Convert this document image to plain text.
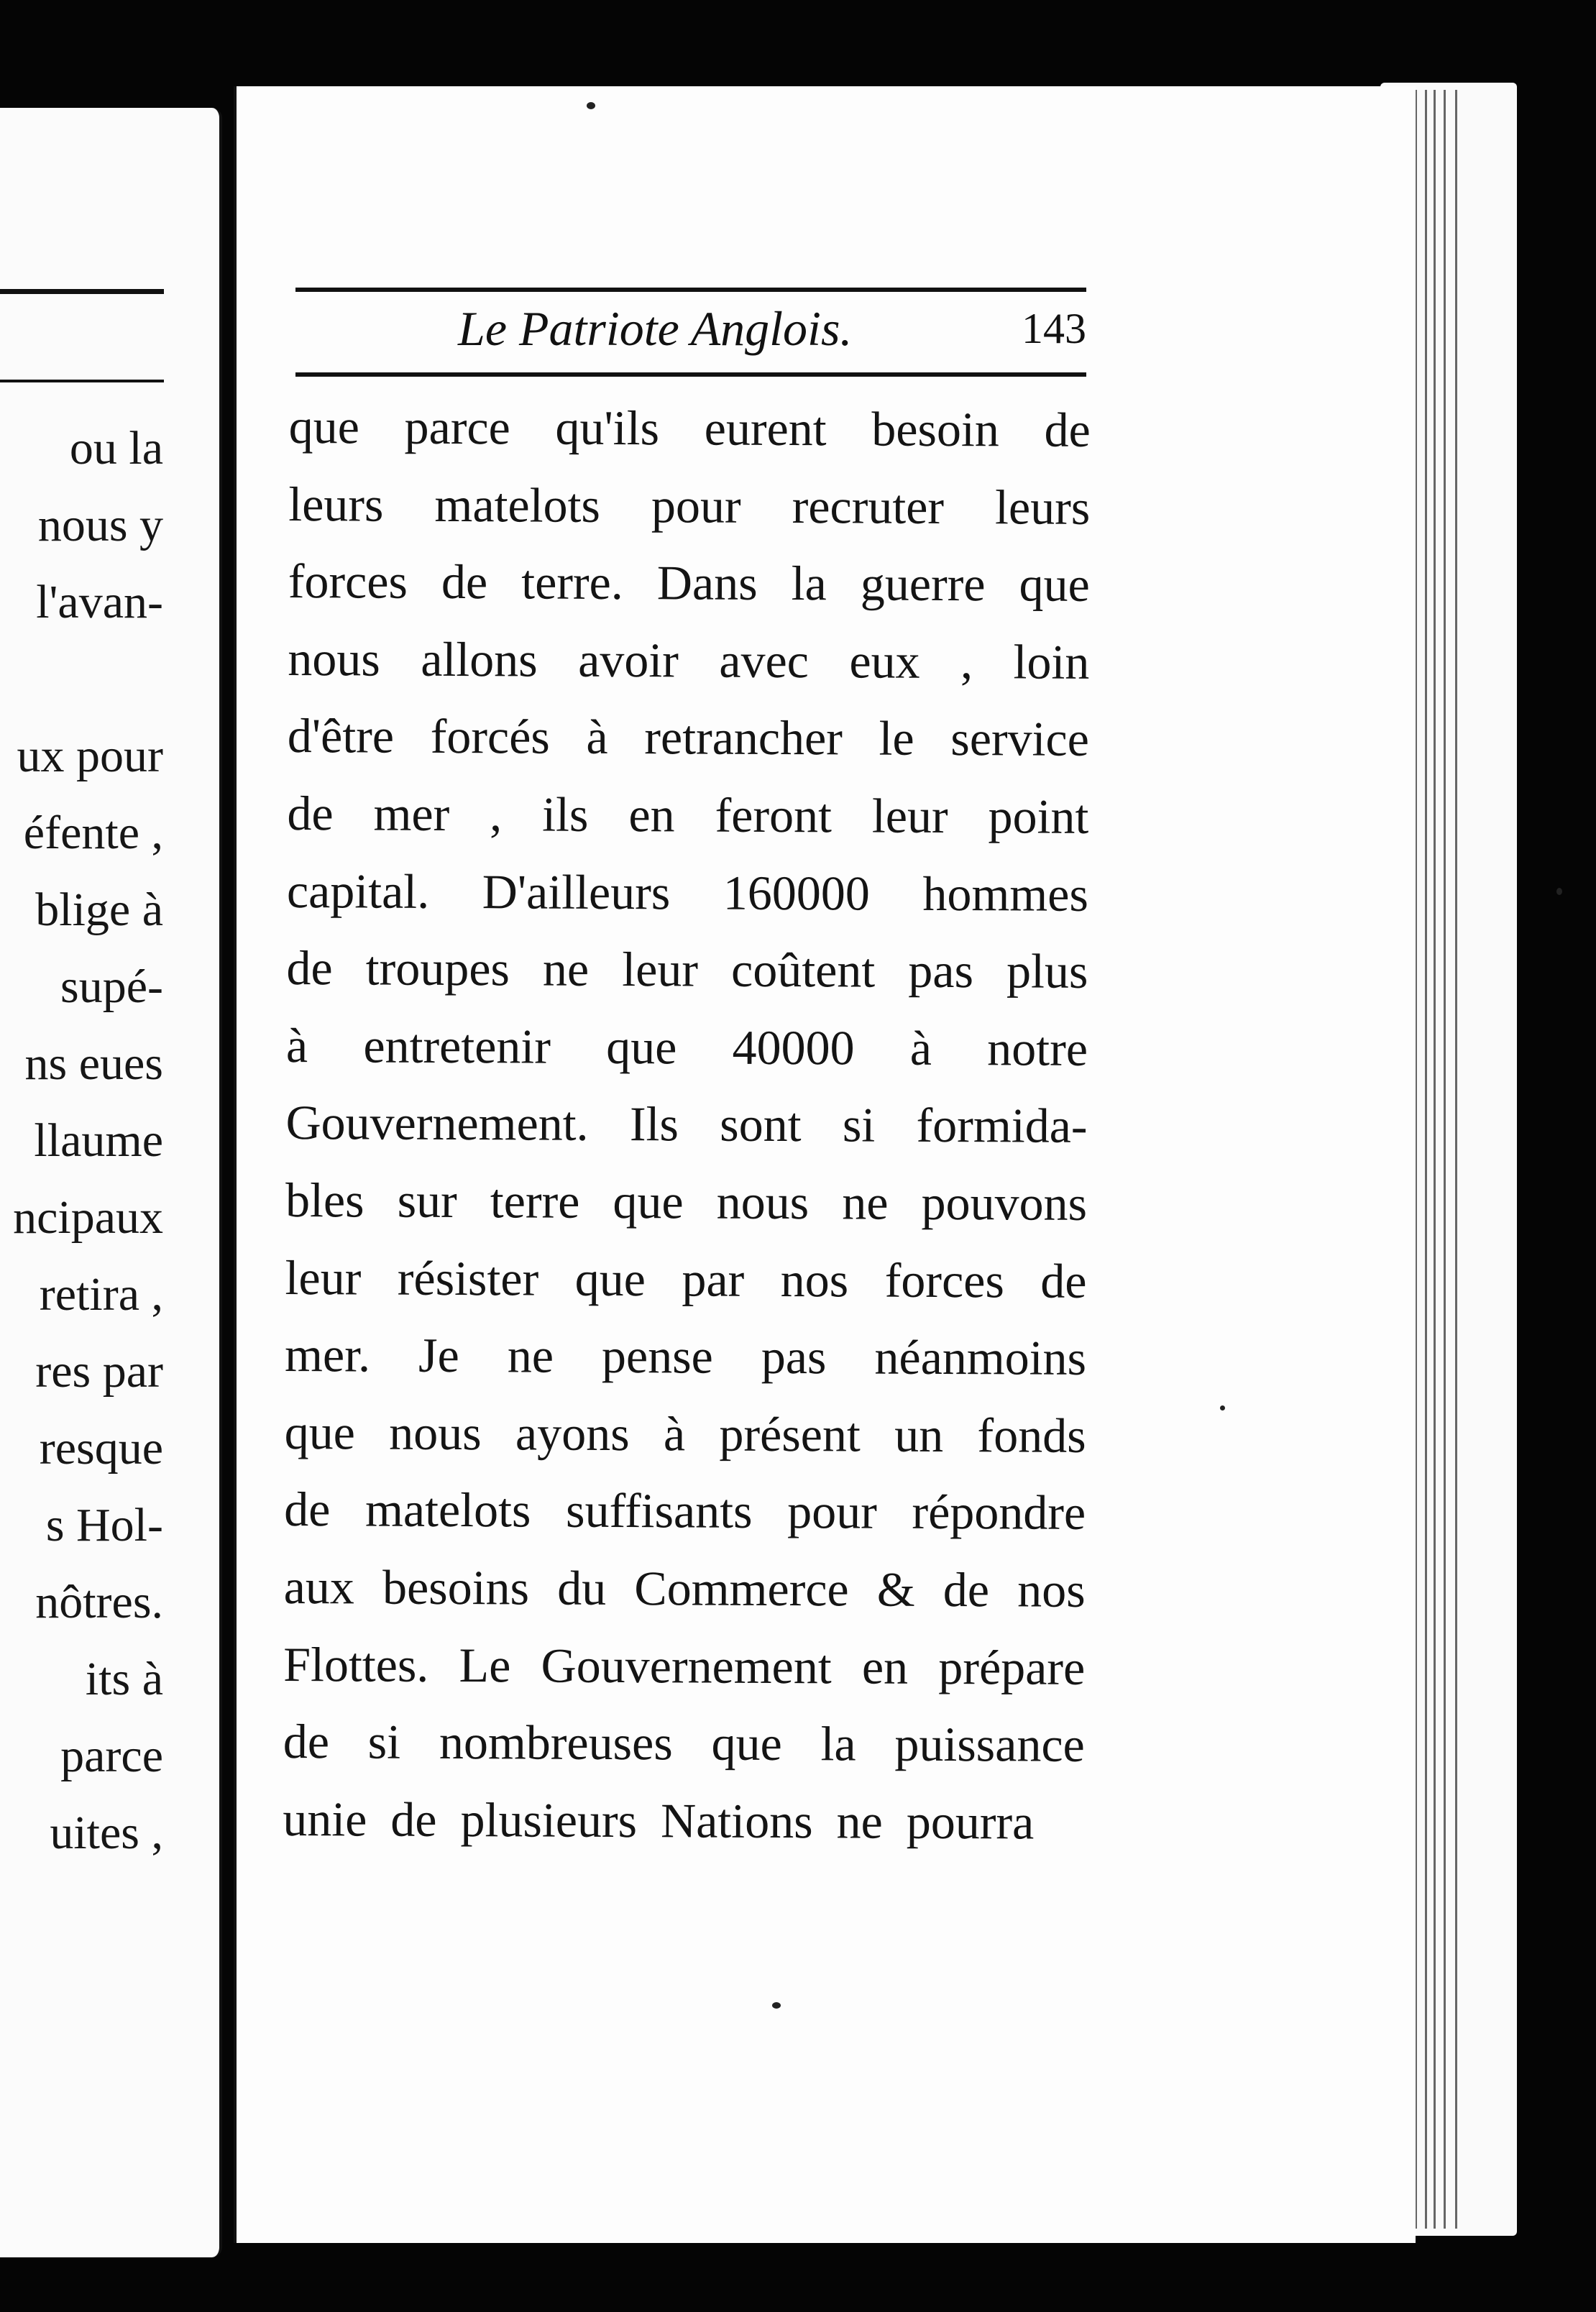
ou la
nous y
l'avan-
ux pour
éfente ,
blige à
supé-
ns eues
llaume
ncipaux
retira ,
res par
resque
s Hol-
nôtres.
its à
parce
uites ,
Le Patriote Anglois.	143
que parce qu'ils eurent besoin de
leurs matelots pour recruter leurs
forces de terre. Dans la guerre que
nous allons avoir avec eux , loin
d'être forcés à retrancher le service
de mer , ils en feront leur point
capital. D'ailleurs 160000 hommes
de troupes ne leur coûtent pas plus
à entretenir que 40000 à notre
Gouvernement. Ils sont si formida-
bles sur terre que nous ne pouvons
leur résister que par nos forces de
mer. Je ne pense pas néanmoins
que nous ayons à présent un fonds
de matelots suffisants pour répondre
aux besoins du Commerce & de nos
Flottes. Le Gouvernement en prépare
de si nombreuses que la puissance
unie de plusieurs Nations ne pourra
